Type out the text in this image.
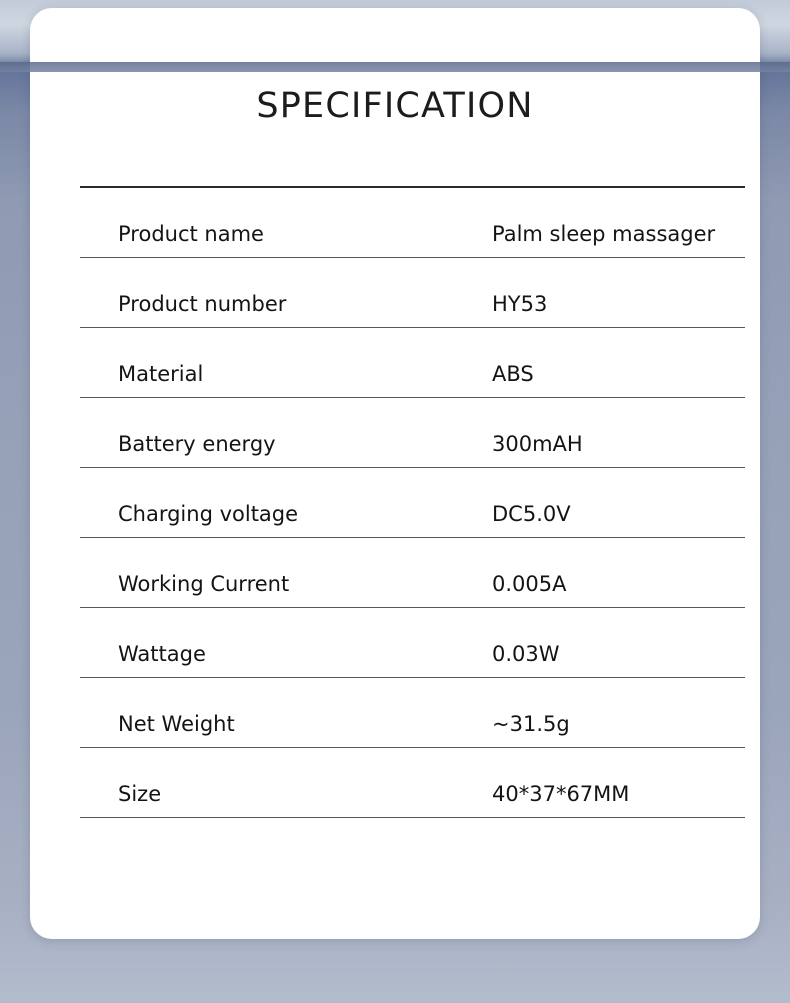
SPECIFICATION
Product name	Palm sleep massager
Product number	HY53
Material	ABS
Battery energy	300mAH
Charging voltage	DC5.0V
Working Current	0.005A
Wattage	0.03W
Net Weight	~31.5g
Size	40*37*67MM
